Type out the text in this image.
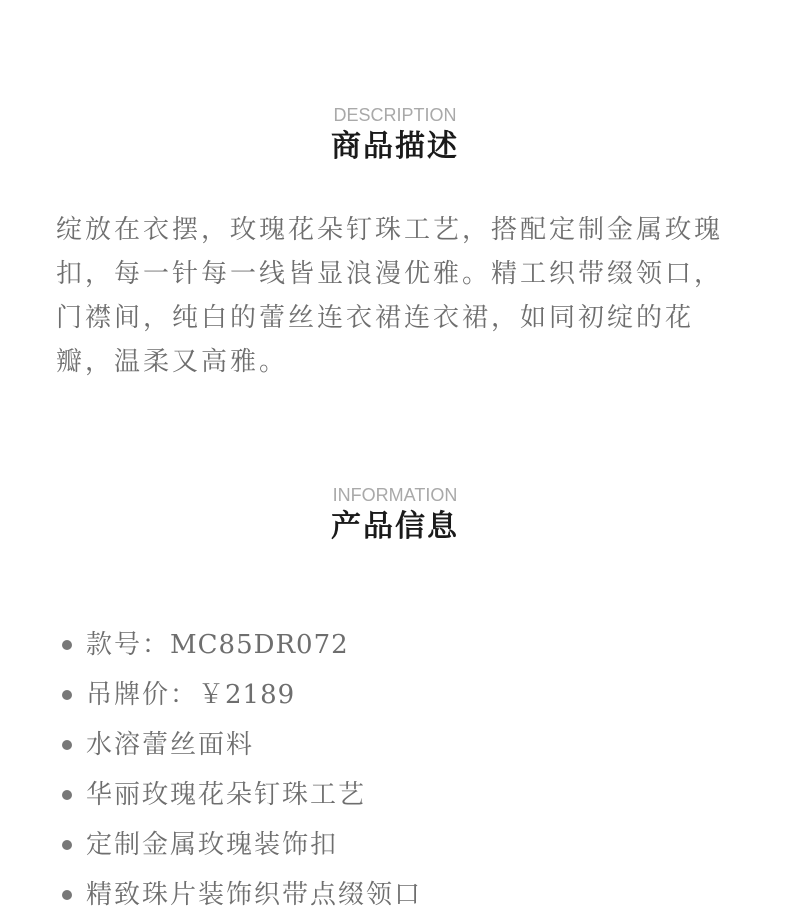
DESCRIPTION
商品描述

绽放在衣摆，玫瑰花朵钉珠工艺，搭配定制金属玫瑰扣，每一针每一线皆显浪漫优雅。精工织带缀领口，门襟间，纯白的蕾丝连衣裙连衣裙，如同初绽的花瓣，温柔又高雅。

INFORMATION
产品信息
款号：MC85DR072
吊牌价：￥2189
水溶蕾丝面料
华丽玫瑰花朵钉珠工艺
定制金属玫瑰装饰扣
精致珠片装饰织带点缀领口
